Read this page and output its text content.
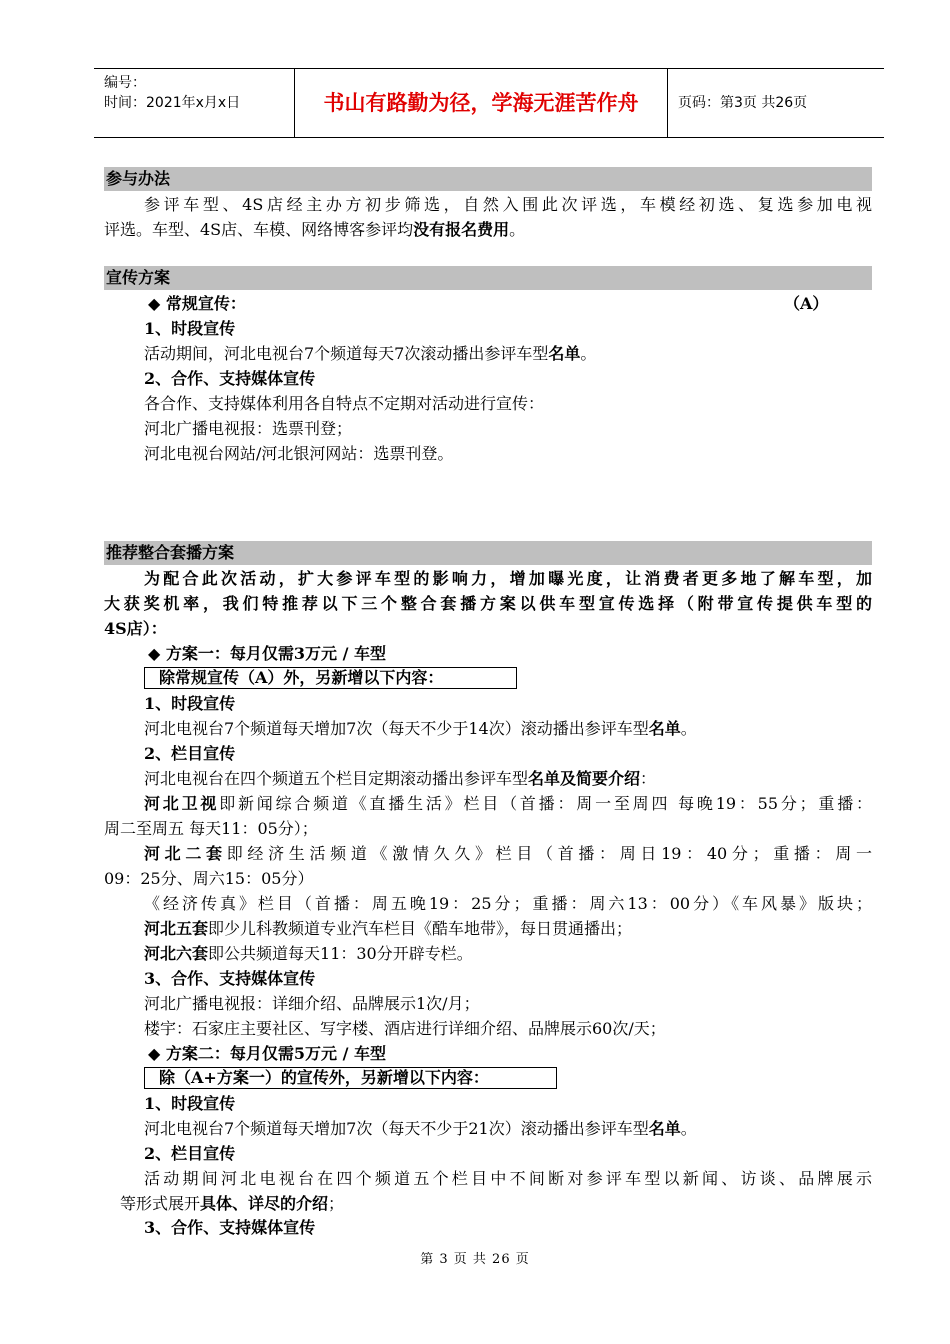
编号：
时间：2021年x月x日	书山有路勤为径，学海无涯苦作舟	页码：第3页 共26页
参与办法
参评车型、4S店经主办方初步筛选，自然入围此次评选，车模经初选、复选参加电视
评选。车型、4S店、车模、网络博客参评均没有报名费用。
宣传方案
◆ 常规宣传：	（A）
1、时段宣传
活动期间，河北电视台7个频道每天7次滚动播出参评车型名单。
2、合作、支持媒体宣传
各合作、支持媒体利用各自特点不定期对活动进行宣传：
河北广播电视报：选票刊登；
河北电视台网站/河北银河网站：选票刊登。
推荐整合套播方案
为配合此次活动，扩大参评车型的影响力，增加曝光度，让消费者更多地了解车型，加
大获奖机率，我们特推荐以下三个整合套播方案以供车型宣传选择（附带宣传提供车型的
4S店）：
◆ 方案一：每月仅需3万元 / 车型
除常规宣传（A）外，另新增以下内容：
1、时段宣传
河北电视台7个频道每天增加7次（每天不少于14次）滚动播出参评车型名单。
2、栏目宣传
河北电视台在四个频道五个栏目定期滚动播出参评车型名单及简要介绍：
河北卫视即新闻综合频道《直播生活》栏目（首播：周一至周四 每晚19：55分；重播：
周二至周五 每天11：05分）；
河北二套即经济生活频道《激情久久》栏目（首播：周日19：40分；重播：周一
09：25分、周六15：05分）
《经济传真》栏目（首播：周五晚19：25分；重播：周六13：00分）《车风暴》版块；
河北五套即少儿科教频道专业汽车栏目《酷车地带》，每日贯通播出；
河北六套即公共频道每天11：30分开辟专栏。
3、合作、支持媒体宣传
河北广播电视报：详细介绍、品牌展示1次/月；
楼宇：石家庄主要社区、写字楼、酒店进行详细介绍、品牌展示60次/天；
◆ 方案二：每月仅需5万元 / 车型
除（A+方案一）的宣传外，另新增以下内容：
1、时段宣传
河北电视台7个频道每天增加7次（每天不少于21次）滚动播出参评车型名单。
2、栏目宣传
活动期间河北电视台在四个频道五个栏目中不间断对参评车型以新闻、访谈、品牌展示
等形式展开具体、详尽的介绍；
3、合作、支持媒体宣传
第 3 页 共 26 页
